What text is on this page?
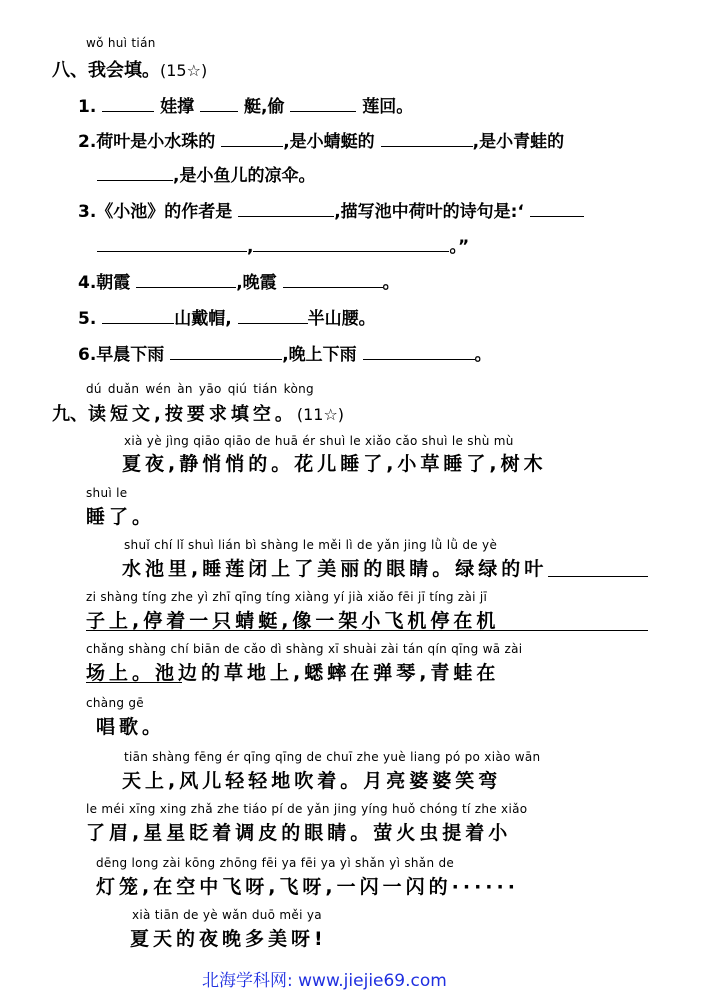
wǒ huì tián
八、我会填。(15☆)
1.	娃撑	艇,偷	莲回。
2.荷叶是小水珠的	,是小蜻蜓的	,是小青蛙的
,是小鱼儿的凉伞。
3.《小池》的作者是	,描写池中荷叶的诗句是:‘
,	。”
4.朝霞	,晚霞	。
5.	山戴帽,	半山腰。
6.早晨下雨	,晚上下雨	。
dú duǎn wén àn yāo qiú tián kòng
九、读短文,按要求填空。(11☆)
xià yè jìng qiāo qiāo de huā ér shuì le xiǎo cǎo shuì le shù mù
夏夜,静悄悄的。花儿睡了,小草睡了,树木
shuì le
睡了。
shuǐ chí lǐ shuì lián bì shàng le měi lì de yǎn jing lǜ lǜ de yè
水池里,睡莲闭上了美丽的眼睛。绿绿的叶
zi shàng tíng zhe yì zhī qīng tíng xiàng yí jià xiǎo fēi jī tíng zài jī
子上,停着一只蜻蜓,像一架小飞机停在机
chǎng shàng chí biān de cǎo dì shàng xī shuài zài tán qín qīng wā zài
场上。池边的草地上,蟋蟀在弹琴,青蛙在
chàng gē
唱歌。
tiān shàng fēng ér qīng qīng de chuī zhe yuè liang pó po xiào wān
天上,风儿轻轻地吹着。月亮婆婆笑弯
le méi xīng xing zhǎ zhe tiáo pí de yǎn jing yíng huǒ chóng tí zhe xiǎo
了眉,星星眨着调皮的眼睛。萤火虫提着小
dēng long zài kōng zhōng fēi ya fēi ya yì shǎn yì shǎn de
灯笼,在空中飞呀,飞呀,一闪一闪的······
xià tiān de yè wǎn duō měi ya
夏天的夜晚多美呀!
北海学科网: www.jiejie69.com
